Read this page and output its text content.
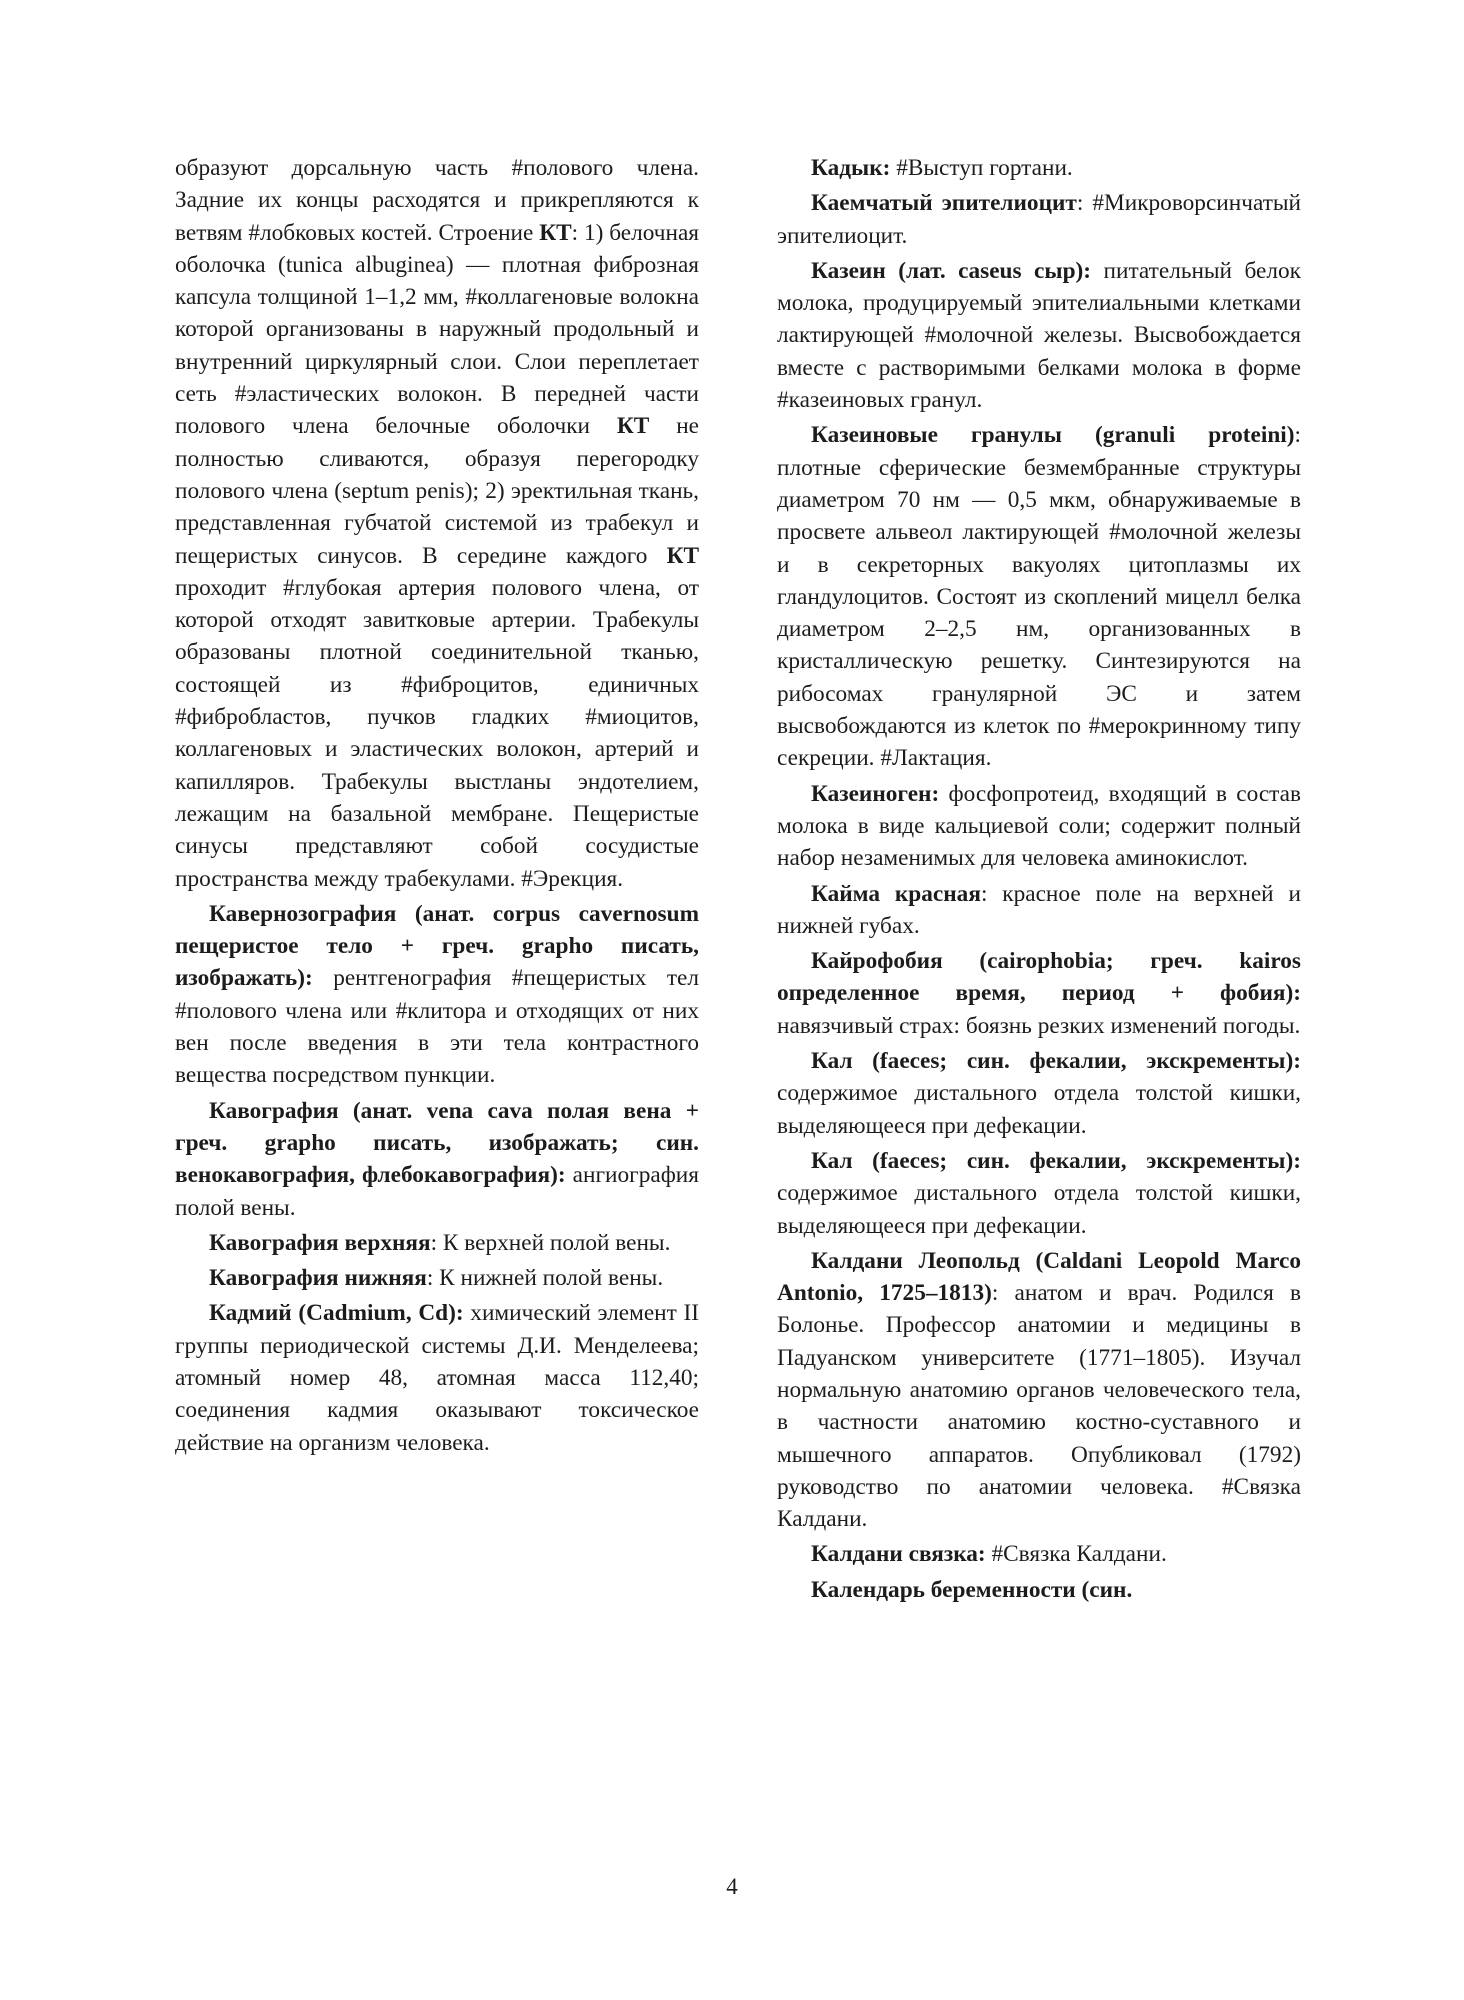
образуют дорсальную часть #полового члена. Задние их концы расходятся и прикрепляются к ветвям #лобковых костей. Строение КТ: 1) белочная оболочка (tunica albuginea) — плотная фиброзная капсула толщиной 1–1,2 мм, #коллагеновые волокна которой организованы в наружный продольный и внутренний циркулярный слои. Слои переплетает сеть #эластических волокон. В передней части полового члена белочные оболочки КТ не полностью сливаются, образуя перегородку полового члена (septum penis); 2) эректильная ткань, представленная губчатой системой из трабекул и пещеристых синусов. В середине каждого КТ проходит #глубокая артерия полового члена, от которой отходят завитковые артерии. Трабекулы образованы плотной соединительной тканью, состоящей из #фиброцитов, единичных #фибробластов, пучков гладких #миоцитов, коллагеновых и эластических волокон, артерий и капилляров. Трабекулы выстланы эндотелием, лежащим на базальной мембране. Пещеристые синусы представляют собой сосудистые пространства между трабекулами. #Эрекция.

Кавернозография (анат. corpus cavernosum пещеристое тело + греч. grapho писать, изображать): рентгенография #пещеристых тел #полового члена или #клитора и отходящих от них вен после введения в эти тела контрастного вещества посредством пункции.

Кавография (анат. vena cava полая вена + греч. grapho писать, изображать; син. венокавография, флебокавография): ангиография полой вены.

Кавография верхняя: К верхней полой вены.

Кавография нижняя: К нижней полой вены.

Кадмий (Cadmium, Cd): химический элемент II группы периодической системы Д.И. Менделеева; атомный номер 48, атомная масса 112,40; соединения кадмия оказывают токсическое действие на организм человека.

Кадык: #Выступ гортани.

Каемчатый эпителиоцит: #Микроворсинчатый эпителиоцит.

Казеин (лат. caseus сыр): питательный белок молока, продуцируемый эпителиальными клетками лактирующей #молочной железы. Высвобождается вместе с растворимыми белками молока в форме #казеиновых гранул.

Казеиновые гранулы (granuli proteini): плотные сферические безмембранные структуры диаметром 70 нм — 0,5 мкм, обнаруживаемые в просвете альвеол лактирующей #молочной железы и в секреторных вакуолях цитоплазмы их гландулоцитов. Состоят из скоплений мицелл белка диаметром 2–2,5 нм, организованных в кристаллическую решетку. Синтезируются на рибосомах гранулярной ЭС и затем высвобождаются из клеток по #мерокринному типу секреции. #Лактация.

Казеиноген: фосфопротеид, входящий в состав молока в виде кальциевой соли; содержит полный набор незаменимых для человека аминокислот.

Кайма красная: красное поле на верхней и нижней губах.

Кайрофобия (cairophobia; греч. kairos определенное время, период + фобия): навязчивый страх: боязнь резких изменений погоды.

Кал (faeces; син. фекалии, экскременты): содержимое дистального отдела толстой кишки, выделяющееся при дефекации.

Кал (faeces; син. фекалии, экскременты): содержимое дистального отдела толстой кишки, выделяющееся при дефекации.

Калдани Леопольд (Caldani Leopold Marco Antonio, 1725–1813): анатом и врач. Родился в Болонье. Профессор анатомии и медицины в Падуанском университете (1771–1805). Изучал нормальную анатомию органов человеческого тела, в частности анатомию костно-суставного и мышечного аппаратов. Опубликовал (1792) руководство по анатомии человека. #Связка Калдани.

Калдани связка: #Связка Калдани.

Календарь беременности (син.

4
